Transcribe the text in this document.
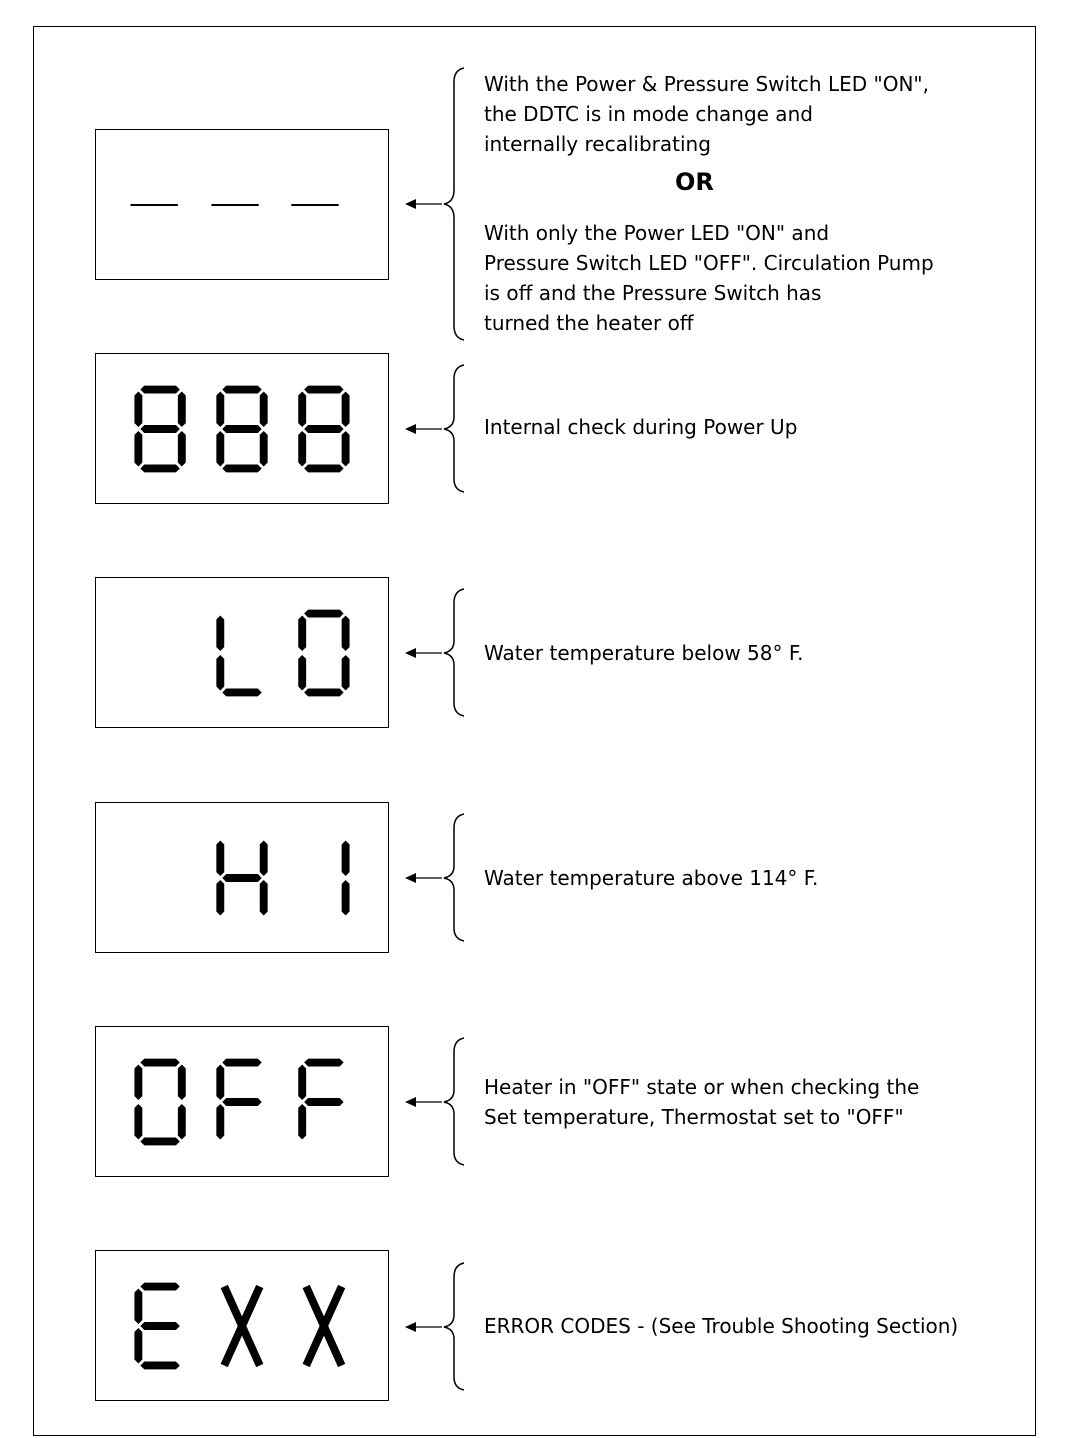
With the Power & Pressure Switch LED "ON",
the DDTC is in mode change and
internally recalibrating
OR
With only the Power LED "ON" and
Pressure Switch LED "OFF". Circulation Pump
is off and the Pressure Switch has
turned the heater off
Internal check during Power Up
Water temperature below 58° F.
Water temperature above 114° F.
Heater in "OFF" state or when checking the
Set temperature, Thermostat set to "OFF"
ERROR CODES - (See Trouble Shooting Section)
